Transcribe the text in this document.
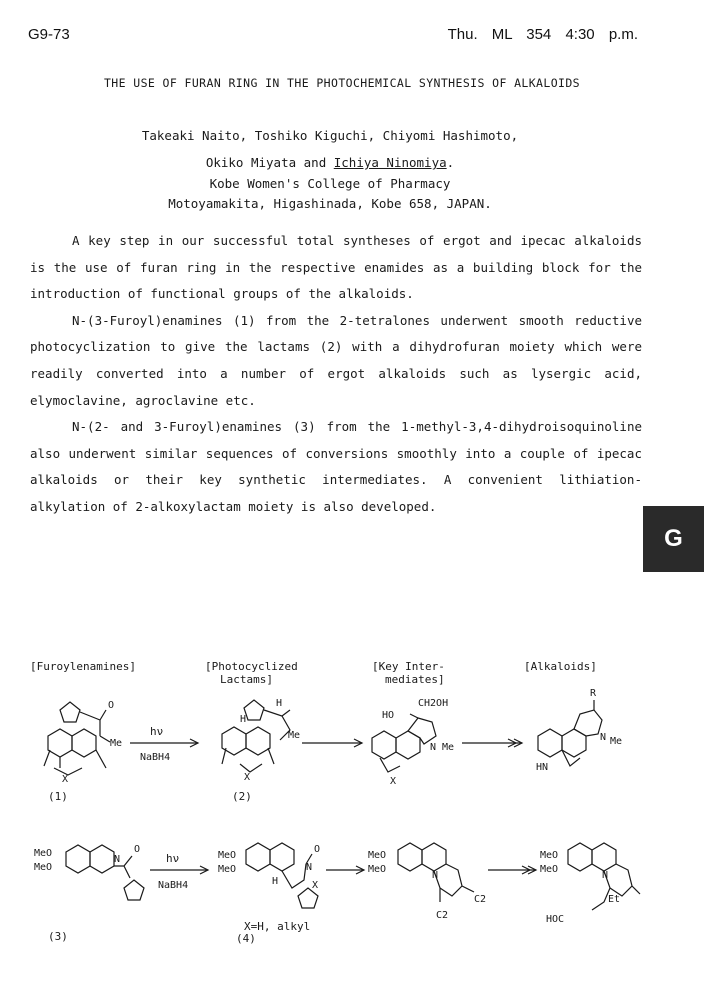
G9-73	Thu. ML 354 4:30 p.m.
THE USE OF FURAN RING IN THE PHOTOCHEMICAL SYNTHESIS OF ALKALOIDS
Takeaki Naito, Toshiko Kiguchi, Chiyomi Hashimoto,
Okiko Miyata and Ichiya Ninomiya.
Kobe Women's College of Pharmacy
Motoyamakita, Higashinada, Kobe 658, JAPAN.

A key step in our successful total syntheses of ergot and ipecac alkaloids is the use of furan ring in the respective enamides as a building block for the introduction of functional groups of the alkaloids.

N-(3-Furoyl)enamines (1) from the 2-tetralones underwent smooth reductive photocyclization to give the lactams (2) with a dihydrofuran moiety which were readily converted into a number of ergot alkaloids such as lysergic acid, elymoclavine, agroclavine etc.

N-(2- and 3-Furoyl)enamines (3) from the 1-methyl-3,4-dihydroisoquinoline also underwent similar sequences of conversions smoothly into a couple of ipecac alkaloids or their key synthetic intermediates. A convenient lithiation-alkylation of 2-alkoxylactam moiety is also developed.

G
[Furoylenamines]	[Photocyclized
Lactams]
[Key Inter-
mediates]
[Alkaloids]
O
Me
X
(1)
hν
NaBH4
H
H
Me
X
(2)
HO
CH2OH
N Me
X
R
N Me
HN
MeO
MeO
N
O
(3)
hν
NaBH4
MeO
MeO	N
O
X
H
X=H, alkyl
(4)
MeO
MeO
N
C2
C2
MeO
MeO
N
Et
HOC
